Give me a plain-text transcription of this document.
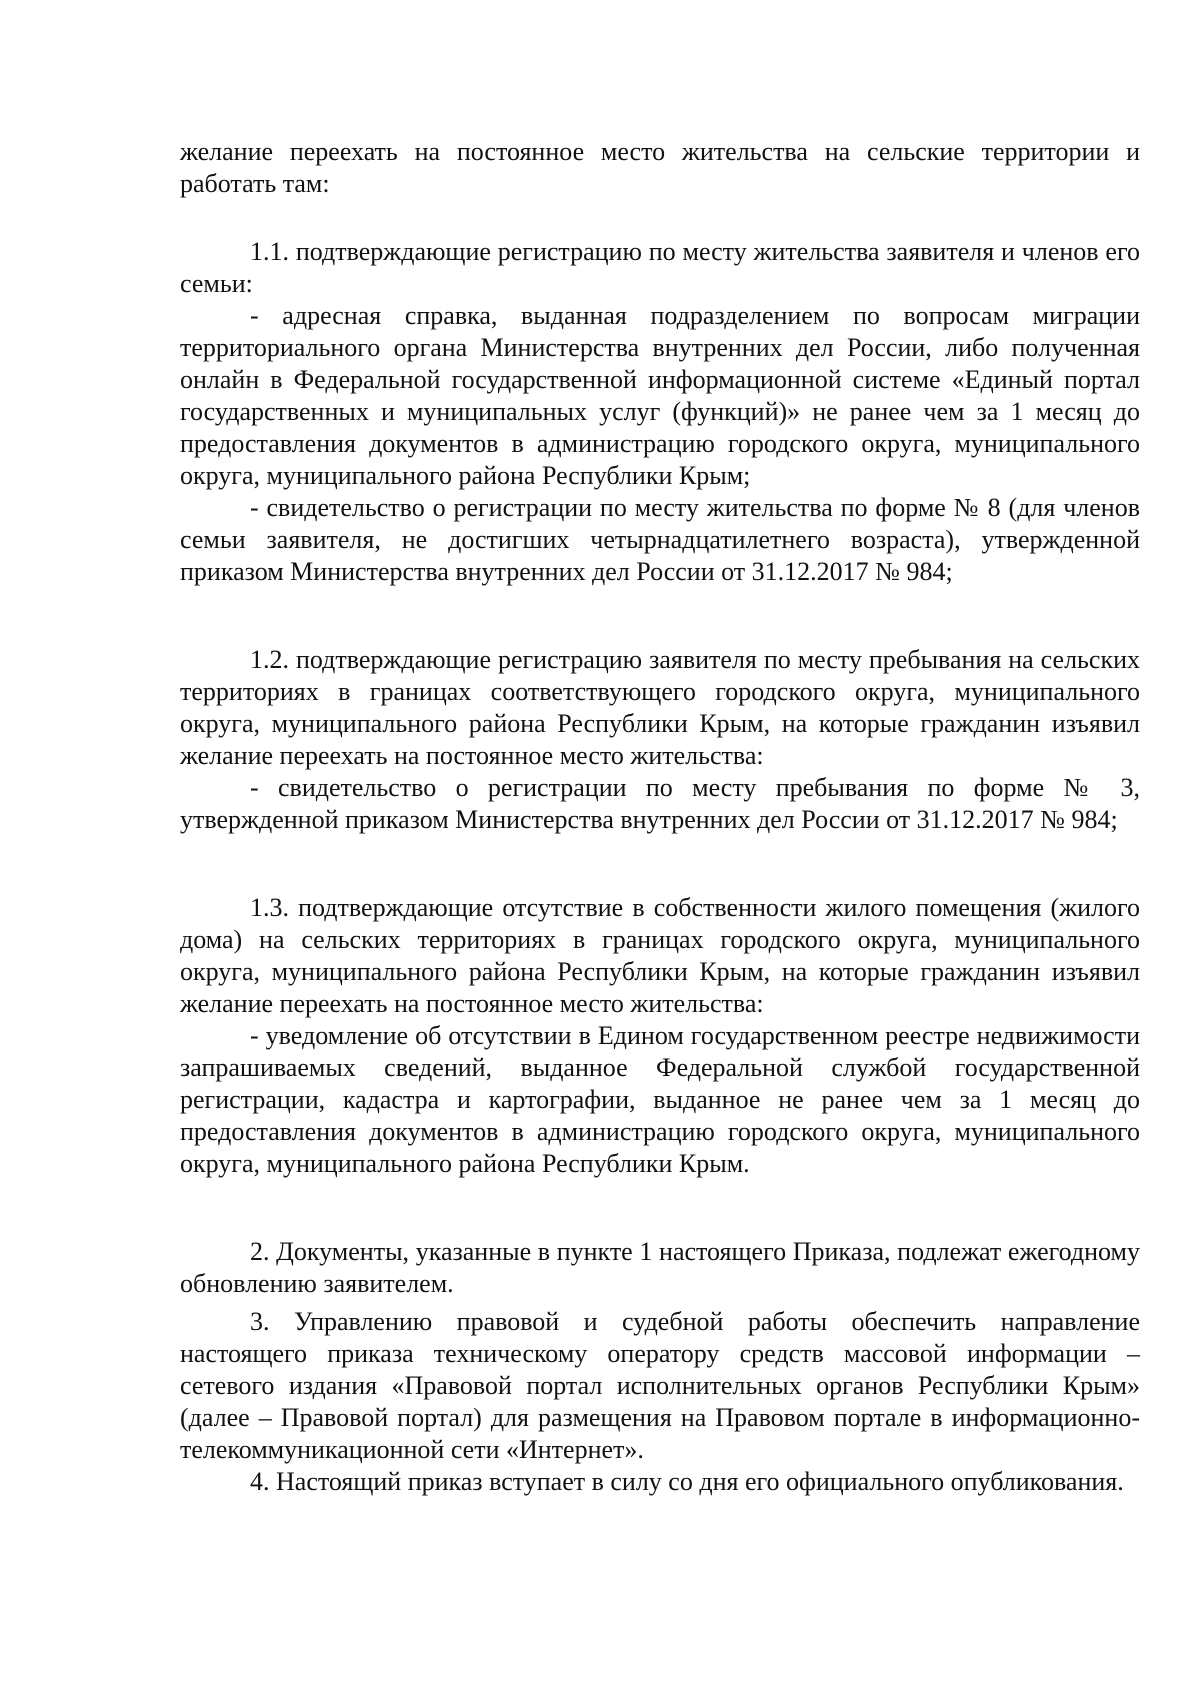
желание переехать на постоянное место жительства на сельские территории и работать там:

1.1. подтверждающие регистрацию по месту жительства заявителя и членов его семьи:

- адресная справка, выданная подразделением по вопросам миграции территориального органа Министерства внутренних дел России, либо полученная онлайн в Федеральной государственной информационной системе «Единый портал государственных и муниципальных услуг (функций)» не ранее чем за 1 месяц до предоставления документов в администрацию городского округа, муниципального округа, муниципального района Республики Крым;

- свидетельство о регистрации по месту жительства по форме № 8 (для членов семьи заявителя, не достигших четырнадцатилетнего возраста), утвержденной приказом Министерства внутренних дел России от 31.12.2017 № 984;

1.2. подтверждающие регистрацию заявителя по месту пребывания на сельских территориях в границах соответствующего городского округа, муниципального округа, муниципального района Республики Крым, на которые гражданин изъявил желание переехать на постоянное место жительства:

- свидетельство о регистрации по месту пребывания по форме № 3, утвержденной приказом Министерства внутренних дел России от 31.12.2017 № 984;

1.3. подтверждающие отсутствие в собственности жилого помещения (жилого дома) на сельских территориях в границах городского округа, муниципального округа, муниципального района Республики Крым, на которые гражданин изъявил желание переехать на постоянное место жительства:

- уведомление об отсутствии в Едином государственном реестре недвижимости запрашиваемых сведений, выданное Федеральной службой государственной регистрации, кадастра и картографии, выданное не ранее чем за 1 месяц до предоставления документов в администрацию городского округа, муниципального округа, муниципального района Республики Крым.

2. Документы, указанные в пункте 1 настоящего Приказа, подлежат ежегодному обновлению заявителем.

3. Управлению правовой и судебной работы обеспечить направление настоящего приказа техническому оператору средств массовой информации – сетевого издания «Правовой портал исполнительных органов Республики Крым» (далее – Правовой портал) для размещения на Правовом портале в информационно-телекоммуникационной сети «Интернет».

4. Настоящий приказ вступает в силу со дня его официального опубликования.
